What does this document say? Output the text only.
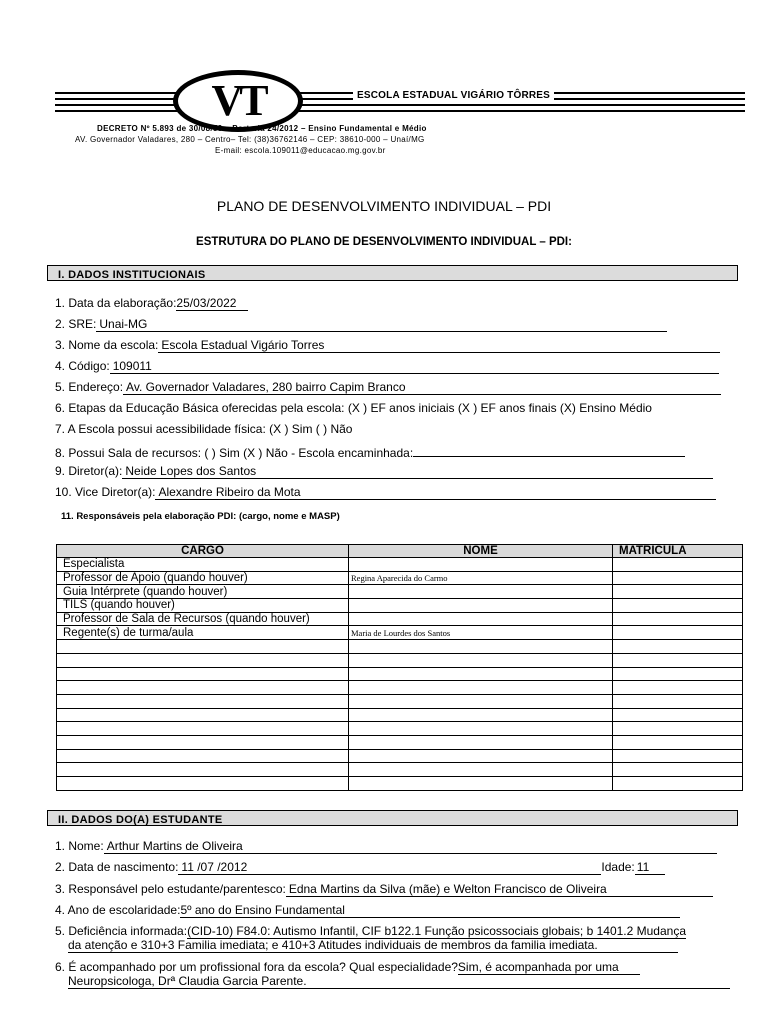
VT	ESCOLA ESTADUAL VIGÁRIO TÔRRES
DECRETO Nº 5.893 de 30/08/59 – Portaria 24/2012 – Ensino Fundamental e Médio
AV. Governador Valadares, 280 – Centro– Tel: (38)36762146 – CEP: 38610-000 – Unaí/MG
E-mail: escola.109011@educacao.mg.gov.br
PLANO DE DESENVOLVIMENTO INDIVIDUAL – PDI
ESTRUTURA DO PLANO DE DESENVOLVIMENTO INDIVIDUAL – PDI:
I. DADOS INSTITUCIONAIS
1. Data da elaboração:25/03/2022
2. SRE:Unai-MG
3. Nome da escola:Escola Estadual Vigário Torres
4. Código:109011
5. Endereço:Av. Governador Valadares, 280 bairro Capim Branco
6. Etapas da Educação Básica oferecidas pela escola: (X ) EF anos iniciais (X ) EF anos finais (X) Ensino Médio
7. A Escola possui acessibilidade física: (X ) Sim ( ) Não
8. Possui Sala de recursos: ( ) Sim (X ) Não - Escola encaminhada:
9. Diretor(a):Neide Lopes dos Santos
10. Vice Diretor(a):Alexandre Ribeiro da Mota
11. Responsáveis pela elaboração PDI: (cargo, nome e MASP)
CARGO	NOME	MATRÍCULA
Especialista		
Professor de Apoio (quando houver)	Regina Aparecida do Carmo	
Guia Intérprete (quando houver)		
TILS (quando houver)		
Professor de Sala de Recursos (quando houver)		
Regente(s) de turma/aula	Maria de Lourdes dos Santos	

II. DADOS DO(A) ESTUDANTE
1. Nome:Arthur Martins de Oliveira
2. Data de nascimento: 11 /07 /2012	Idade:11
3. Responsável pelo estudante/parentesco:Edna Martins da Silva (mãe) e Welton Francisco de Oliveira
4. Ano de escolaridade:5º ano do Ensino Fundamental
5. Deficiência informada:(CID-10) F84.0: Autismo Infantil, CIF b122.1 Função psicossociais globais; b 1401.2 Mudança
da atenção e 310+3 Familia imediata; e 410+3 Atitudes individuais de membros da familia imediata.
6. É acompanhado por um profissional fora da escola? Qual especialidade?Sim, é acompanhada por uma
Neuropsicologa, Drª Claudia Garcia Parente.
